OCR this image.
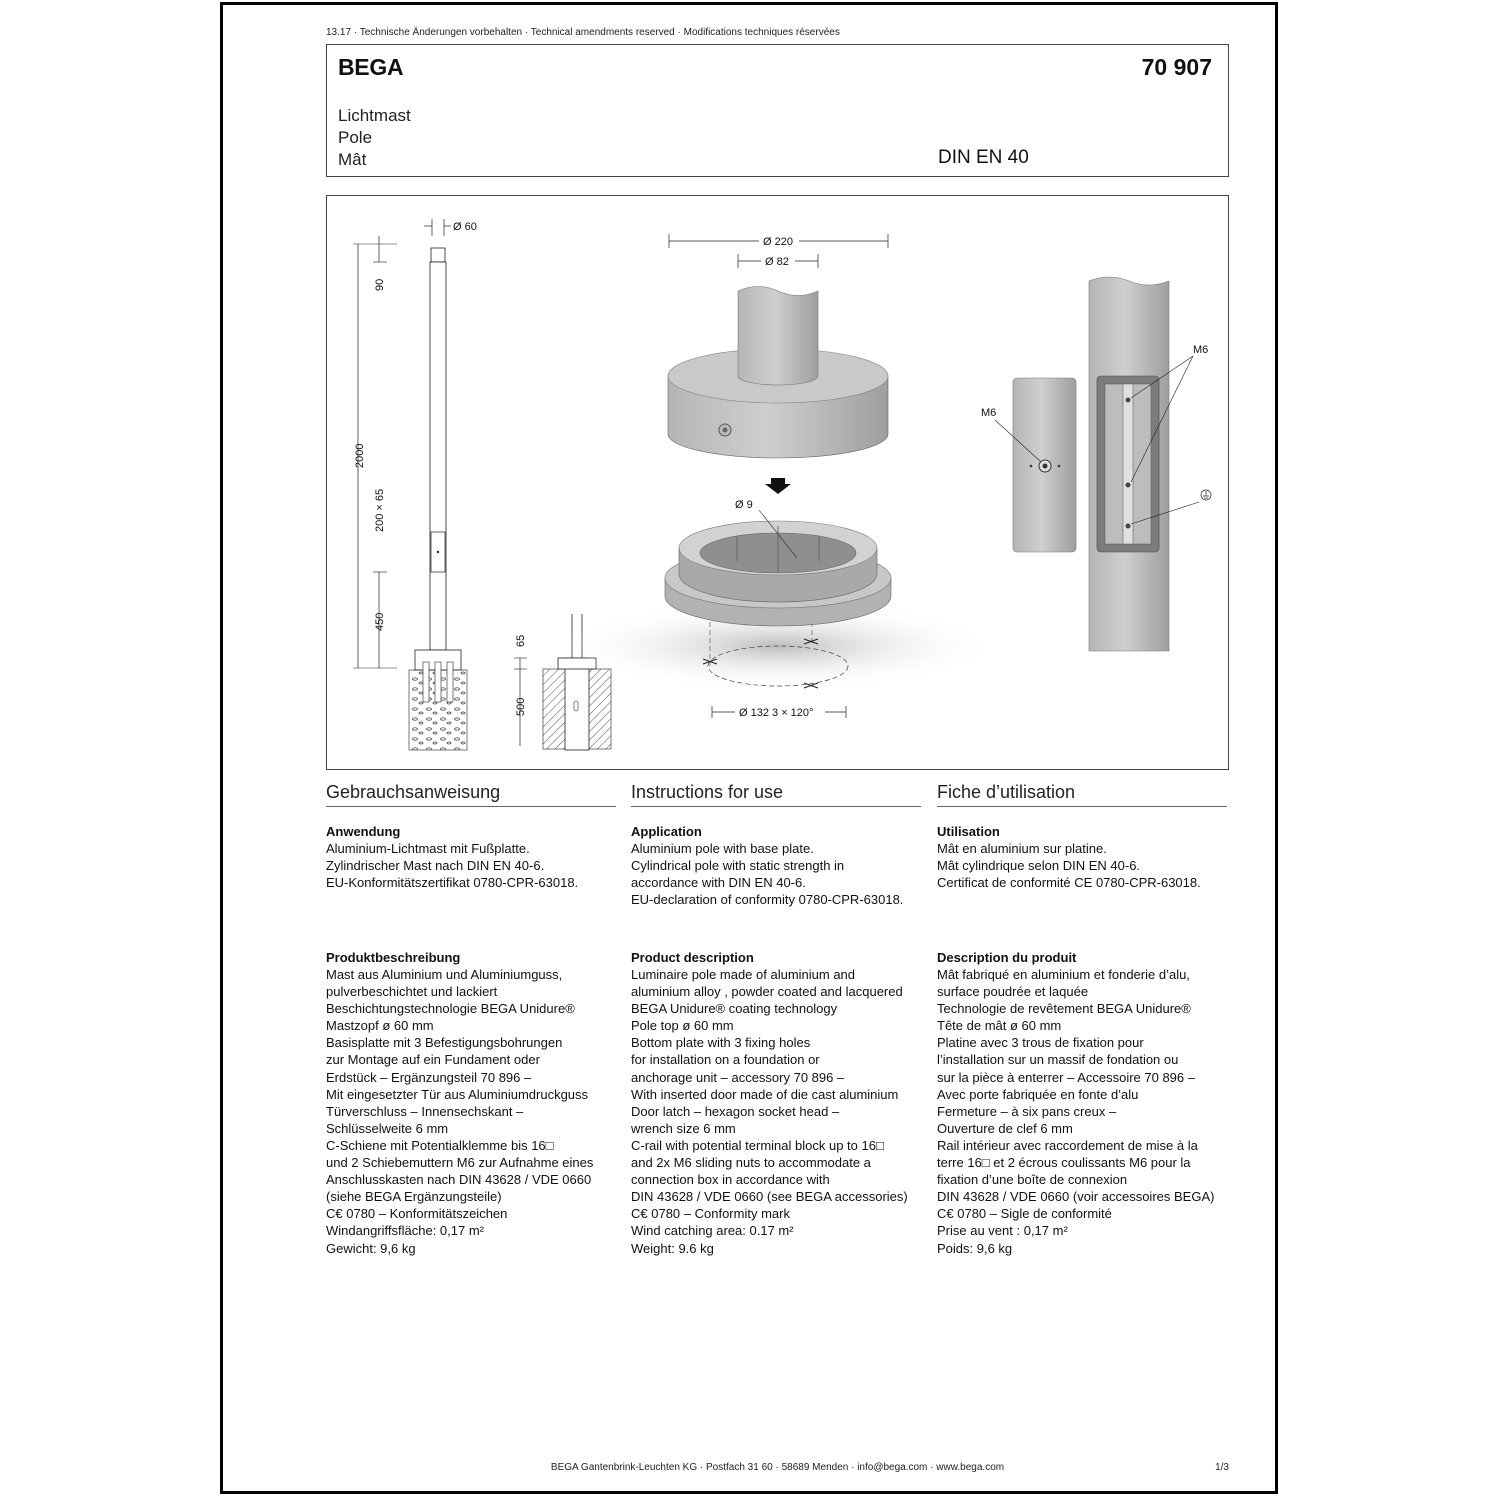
13.17 · Technische Änderungen vorbehalten · Technical amendments reserved · Modifications techniques réservées
BEGA	70 907
Lichtmast
Pole
Mât	DIN EN 40
Ø 60
90
2000
200 × 65
450
65
500
Ø 220
Ø 82
Ø 9
Ø 132 3 × 120°
M6
M6
Gebrauchsanweisung
Anwendung
Aluminium-Lichtmast mit Fußplatte.
Zylindrischer Mast nach DIN EN 40-6.
EU-Konformitätszertifikat 0780-CPR-63018.
Produktbeschreibung
Mast aus Aluminium und Aluminiumguss,
pulverbeschichtet und lackiert
Beschichtungstechnologie BEGA Unidure®
Mastzopf ø 60 mm
Basisplatte mit 3 Befestigungsbohrungen
zur Montage auf ein Fundament oder
Erdstück – Ergänzungsteil 70 896 –
Mit eingesetzter Tür aus Aluminiumdruckguss
Türverschluss – Innensechskant –
Schlüsselweite 6 mm
C-Schiene mit Potentialklemme bis 16□
und 2 Schiebemuttern M6 zur Aufnahme eines
Anschlusskasten nach DIN 43628 / VDE 0660
(siehe BEGA Ergänzungsteile)
C€ 0780 – Konformitätszeichen
Windangriffsfläche: 0,17 m²
Gewicht: 9,6 kg
Instructions for use
Application
Aluminium pole with base plate.
Cylindrical pole with static strength in
accordance with DIN EN 40-6.
EU-declaration of conformity 0780-CPR-63018.
Product description
Luminaire pole made of aluminium and
aluminium alloy , powder coated and lacquered
BEGA Unidure® coating technology
Pole top ø 60 mm
Bottom plate with 3 fixing holes
for installation on a foundation or
anchorage unit – accessory 70 896 –
With inserted door made of die cast aluminium
Door latch – hexagon socket head –
wrench size 6 mm
C-rail with potential terminal block up to 16□
and 2x M6 sliding nuts to accommodate a
connection box in accordance with
DIN 43628 / VDE 0660 (see BEGA accessories)
C€ 0780 – Conformity mark
Wind catching area: 0.17 m²
Weight: 9.6 kg
Fiche d’utilisation
Utilisation
Mât en aluminium sur platine.
Mât cylindrique selon DIN EN 40-6.
Certificat de conformité CE 0780-CPR-63018.
Description du produit
Mât fabriqué en aluminium et fonderie d’alu,
surface poudrée et laquée
Technologie de revêtement BEGA Unidure®
Tête de mât ø 60 mm
Platine avec 3 trous de fixation pour
l’installation sur un massif de fondation ou
sur la pièce à enterrer – Accessoire 70 896 –
Avec porte fabriquée en fonte d’alu
Fermeture – à six pans creux –
Ouverture de clef 6 mm
Rail intérieur avec raccordement de mise à la
terre 16□ et 2 écrous coulissants M6 pour la
fixation d’une boîte de connexion
DIN 43628 / VDE 0660 (voir accessoires BEGA)
C€ 0780 – Sigle de conformité
Prise au vent : 0,17 m²
Poids: 9,6 kg
BEGA Gantenbrink-Leuchten KG · Postfach 31 60 · 58689 Menden · info@bega.com · www.bega.com	1/3
